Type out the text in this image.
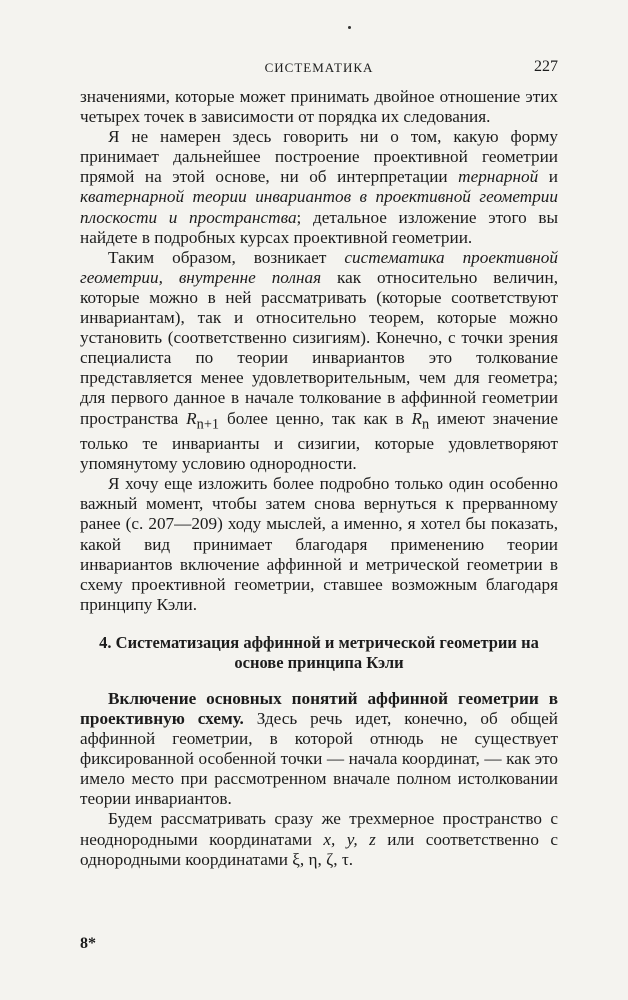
СИСТЕМАТИКА	227

значениями, которые может принимать двойное отношение этих четырех точек в зависимости от порядка их следования.

Я не намерен здесь говорить ни о том, какую форму принимает дальнейшее построение проективной геометрии прямой на этой основе, ни об интерпретации тернарной и кватернарной теории инвариантов в проективной геометрии плоскости и пространства; детальное изложение этого вы найдете в подробных курсах проективной геометрии.

Таким образом, возникает систематика проективной геометрии, внутренне полная как относительно величин, которые можно в ней рассматривать (которые соответствуют инвариантам), так и относительно теорем, которые можно установить (соответственно сизигиям). Конечно, с точки зрения специалиста по теории инвариантов это толкование представляется менее удовлетворительным, чем для геометра; для первого данное в начале толкование в аффинной геометрии пространства $R_{n+1}$ более ценно, так как в $R_n$ имеют значение только те инварианты и сизигии, которые удовлетворяют упомянутому условию однородности.

Я хочу еще изложить более подробно только один особенно важный момент, чтобы затем снова вернуться к прерванному ранее (с. 207—209) ходу мыслей, а именно, я хотел бы показать, какой вид принимает благодаря применению теории инвариантов включение аффинной и метрической геометрии в схему проективной геометрии, ставшее возможным благодаря принципу Кэли.

4. Систематизация аффинной и метрической геометрии на основе принципа Кэли

Включение основных понятий аффинной геометрии в проективную схему. Здесь речь идет, конечно, об общей аффинной геометрии, в которой отнюдь не существует фиксированной особенной точки — начала координат, — как это имело место при рассмотренном вначале полном истолковании теории инвариантов.

Будем рассматривать сразу же трехмерное пространство с неоднородными координатами x, y, z или соответственно с однородными координатами ξ, η, ζ, τ.

8*
